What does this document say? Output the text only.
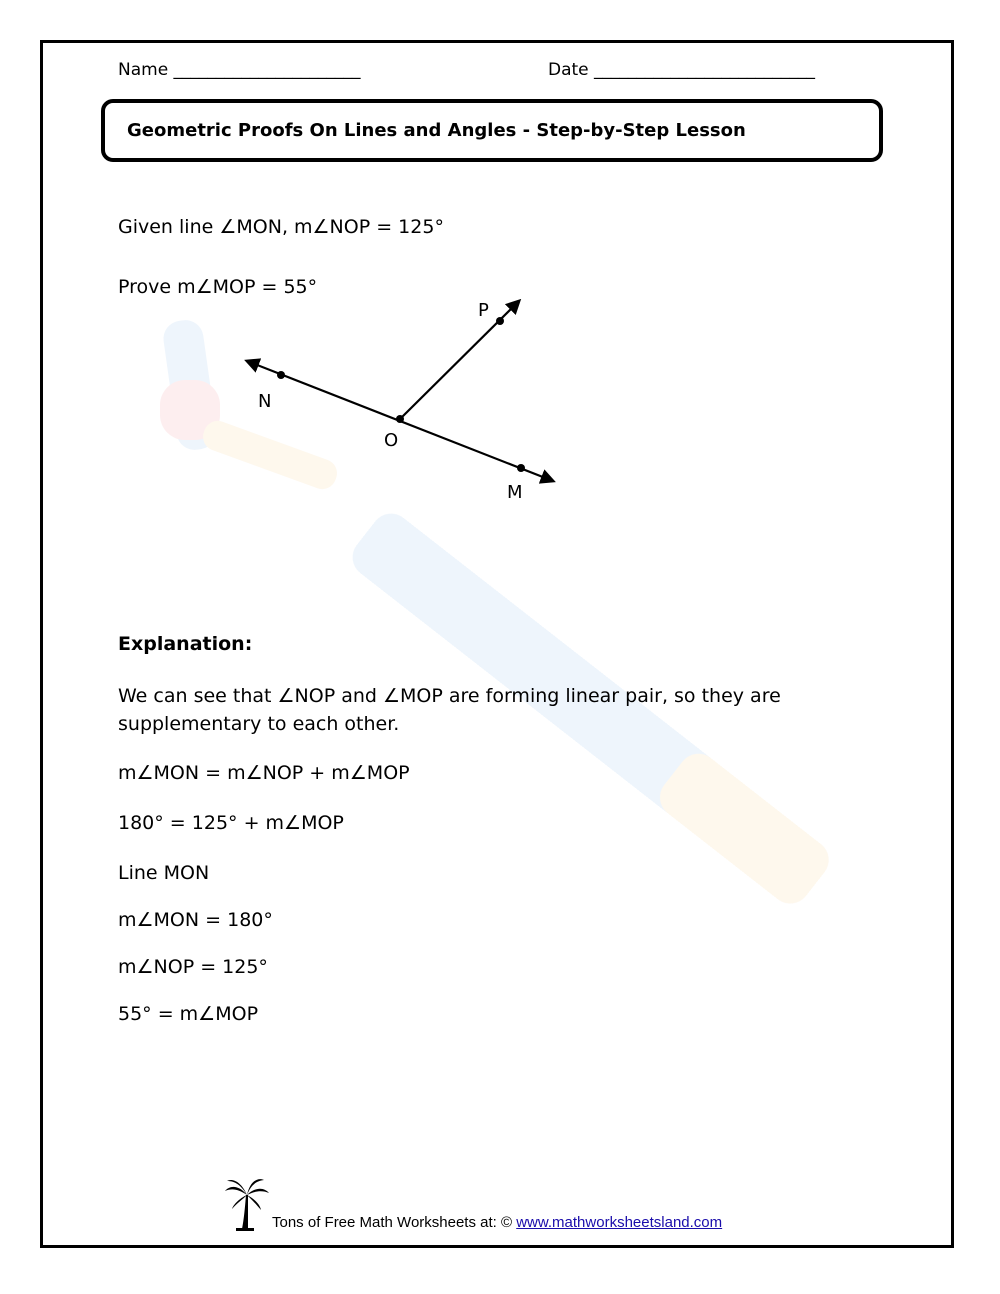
Name ______________________	Date __________________________
Geometric Proofs On Lines and Angles - Step-by-Step Lesson
Given line ∠MON, m∠NOP = 125°
Prove m∠MOP = 55°
P
N
O
M
Explanation:
We can see that ∠NOP and ∠MOP are forming linear pair, so they are supplementary to each other.
m∠MON = m∠NOP + m∠MOP
180° = 125° + m∠MOP
Line MON
m∠MON = 180°
m∠NOP = 125°
55° = m∠MOP
Tons of Free Math Worksheets at: © www.mathworksheetsland.com
